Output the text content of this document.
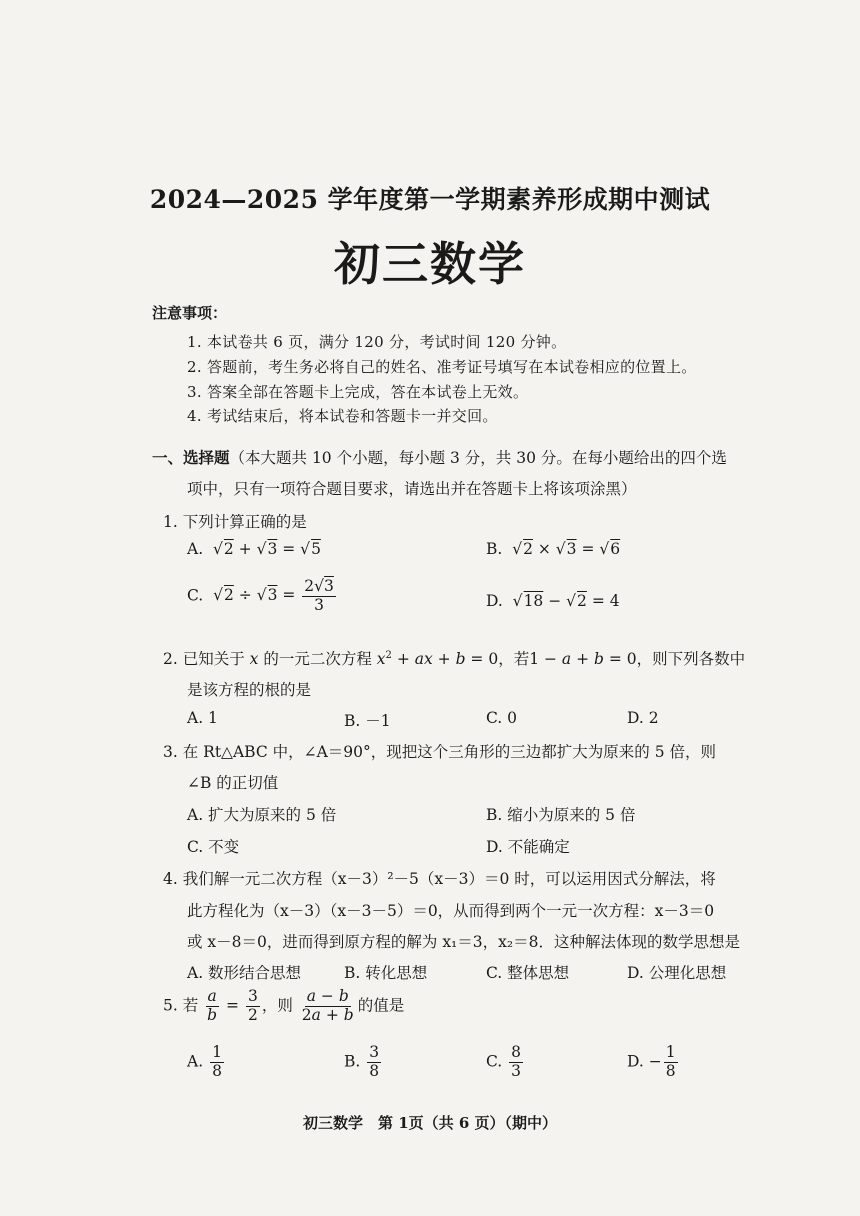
2024—2025 学年度第一学期素养形成期中测试
初三数学
注意事项：
1. 本试卷共 6 页，满分 120 分，考试时间 120 分钟。
2. 答题前，考生务必将自己的姓名、准考证号填写在本试卷相应的位置上。
3. 答案全部在答题卡上完成，答在本试卷上无效。
4. 考试结束后，将本试卷和答题卡一并交回。
一、选择题（本大题共 10 个小题，每小题 3 分，共 30 分。在每小题给出的四个选
项中，只有一项符合题目要求，请选出并在答题卡上将该项涂黑）
1. 下列计算正确的是
A.  √2 + √3 = √5	B.  √2 × √3 = √6
C.  $√2 \div √3 = \frac{2√3}{3}$	D.  √18 − √2 = 4
2. 已知关于 x 的一元二次方程 $x^2$ + ax + b = 0，若1 − a + b = 0，则下列各数中
是该方程的根的是
A. 1	B. －1	C. 0	D. 2
3. 在 Rt△ABC 中，∠A＝90°，现把这个三角形的三边都扩大为原来的 5 倍，则
∠B 的正切值
A. 扩大为原来的 5 倍	B. 缩小为原来的 5 倍
C. 不变	D. 不能确定
4. 我们解一元二次方程（x－3）²－5（x－3）＝0 时，可以运用因式分解法，将
此方程化为（x－3）（x－3－5）＝0，从而得到两个一元一次方程：x－3＝0
或 x－8＝0，进而得到原方程的解为 x₁＝3，x₂＝8．这种解法体现的数学思想是
A. 数形结合思想	B. 转化思想	C. 整体思想	D. 公理化思想
5. 若 $\frac{a}{b} = \frac{3}{2}$ ，则 $\frac{a - b}{2a + b}$ 的值是
A. $\frac{1}{8}$	B. $\frac{3}{8}$	C. $\frac{8}{3}$	D. − $\frac{1}{8}$
初三数学　第 1页（共 6 页）（期中）
